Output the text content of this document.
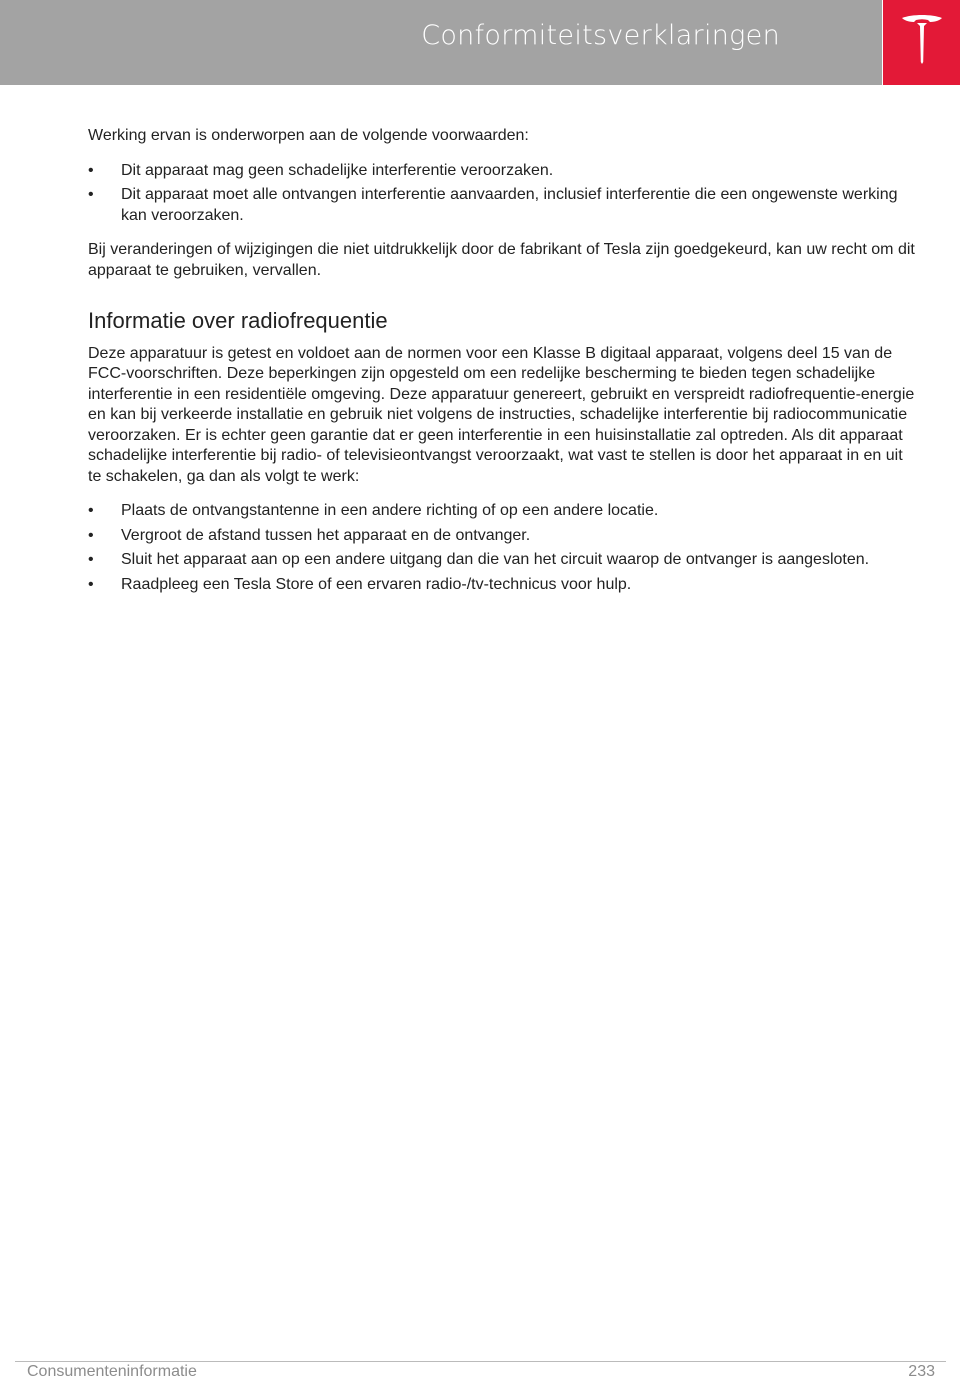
Conformiteitsverklaringen

Werking ervan is onderworpen aan de volgende voorwaarden:

• Dit apparaat mag geen schadelijke interferentie veroorzaken.
• Dit apparaat moet alle ontvangen interferentie aanvaarden, inclusief interferentie die een ongewenste werking kan veroorzaken.

Bij veranderingen of wijzigingen die niet uitdrukkelijk door de fabrikant of Tesla zijn goedgekeurd, kan uw recht om dit apparaat te gebruiken, vervallen.

Informatie over radiofrequentie

Deze apparatuur is getest en voldoet aan de normen voor een Klasse B digitaal apparaat, volgens deel 15 van de FCC-voorschriften. Deze beperkingen zijn opgesteld om een redelijke bescherming te bieden tegen schadelijke interferentie in een residentiële omgeving. Deze apparatuur genereert, gebruikt en verspreidt radiofrequentie-energie en kan bij verkeerde installatie en gebruik niet volgens de instructies, schadelijke interferentie bij radiocommunicatie veroorzaken. Er is echter geen garantie dat er geen interferentie in een huisinstallatie zal optreden. Als dit apparaat schadelijke interferentie bij radio- of televisieontvangst veroorzaakt, wat vast te stellen is door het apparaat in en uit te schakelen, ga dan als volgt te werk:

• Plaats de ontvangstantenne in een andere richting of op een andere locatie.
• Vergroot de afstand tussen het apparaat en de ontvanger.
• Sluit het apparaat aan op een andere uitgang dan die van het circuit waarop de ontvanger is aangesloten.
• Raadpleeg een Tesla Store of een ervaren radio-/tv-technicus voor hulp.
Consumenteninformatie	233
